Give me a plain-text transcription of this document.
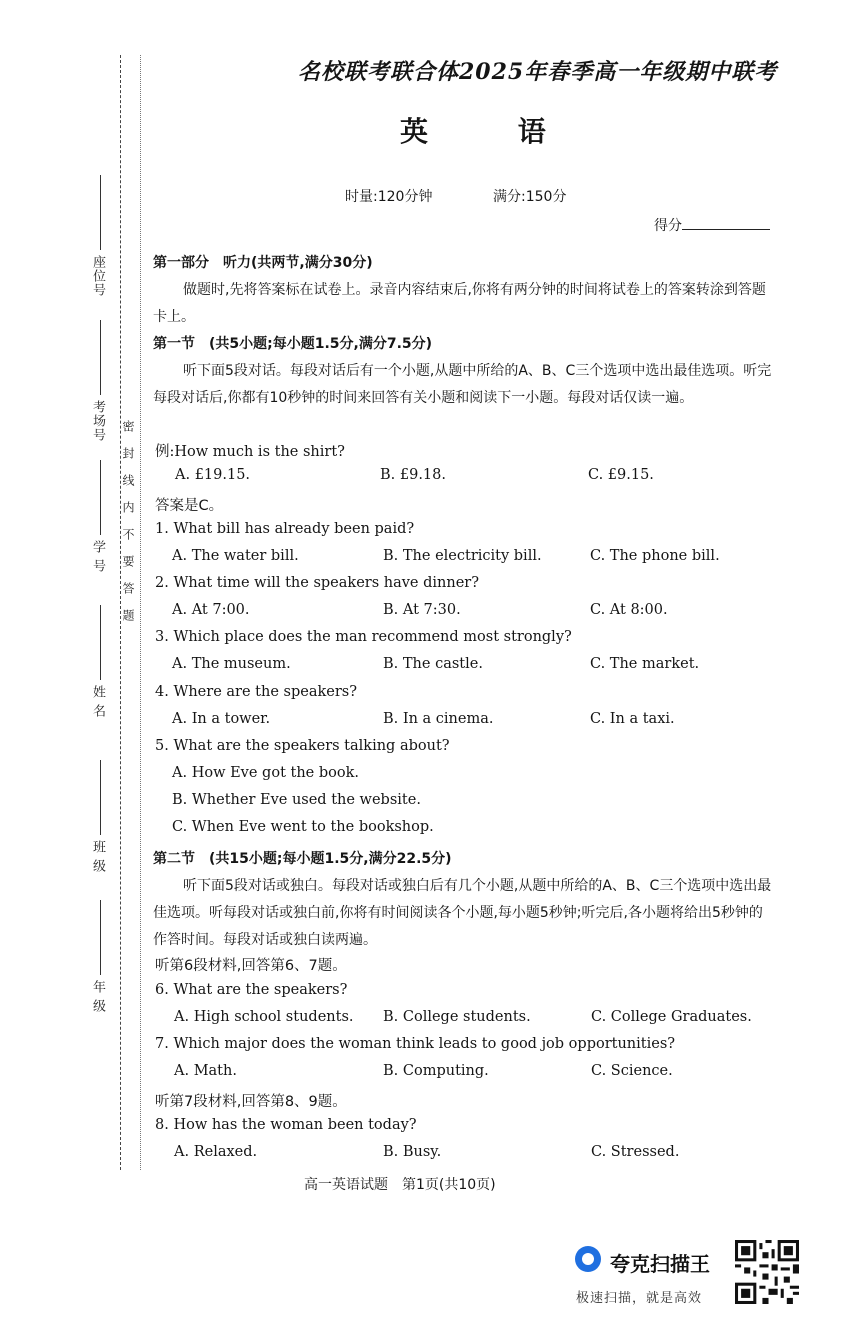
座位号
考场号
学 号
姓 名
班 级
年 级
密封线内不要答题
名校联考联合体2025年春季高一年级期中联考
英 语
时量:120分钟	满分:150分
得分
第一部分　听力(共两节,满分30分)
做题时,先将答案标在试卷上。录音内容结束后,你将有两分钟的时间将试卷上的答案转涂到答题卡上。
第一节　(共5小题;每小题1.5分,满分7.5分)
听下面5段对话。每段对话后有一个小题,从题中所给的A、B、C三个选项中选出最佳选项。听完每段对话后,你都有10秒钟的时间来回答有关小题和阅读下一小题。每段对话仅读一遍。
例:How much is the shirt?
A. £19.15.	B. £9.18.	C. £9.15.
答案是C。
1. What bill has already been paid?
A. The water bill.	B. The electricity bill.	C. The phone bill.
2. What time will the speakers have dinner?
A. At 7:00.	B. At 7:30.	C. At 8:00.
3. Which place does the man recommend most strongly?
A. The museum.	B. The castle.	C. The market.
4. Where are the speakers?
A. In a tower.	B. In a cinema.	C. In a taxi.
5. What are the speakers talking about?
A. How Eve got the book.
B. Whether Eve used the website.
C. When Eve went to the bookshop.
第二节　(共15小题;每小题1.5分,满分22.5分)
听下面5段对话或独白。每段对话或独白后有几个小题,从题中所给的A、B、C三个选项中选出最佳选项。听每段对话或独白前,你将有时间阅读各个小题,每小题5秒钟;听完后,各小题将给出5秒钟的作答时间。每段对话或独白读两遍。
听第6段材料,回答第6、7题。
6. What are the speakers?
A. High school students. B. College students.	C. College Graduates.
7. Which major does the woman think leads to good job opportunities?
A. Math.	B. Computing.	C. Science.
听第7段材料,回答第8、9题。
8. How has the woman been today?
A. Relaxed.	B. Busy.	C. Stressed.
高一英语试题　第1页(共10页)
夸克扫描王
极速扫描，就是高效
